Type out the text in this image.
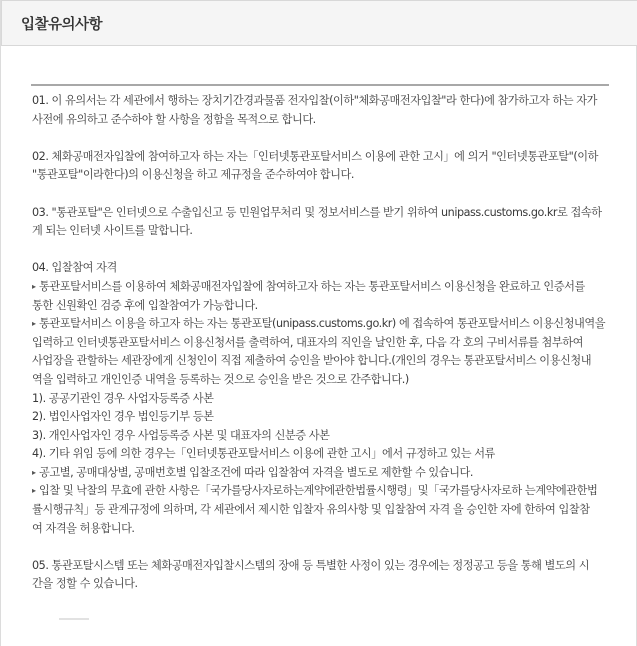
입찰유의사항
01. 이 유의서는 각 세관에서 행하는 장치기간경과물품 전자입찰(이하"체화공매전자입찰"라 한다)에 참가하고자 하는 자가
사전에 유의하고 준수하야 할 사항을 정함을 목적으로 합니다.
02. 체화공매전자입찰에 참여하고자 하는 자는「인터넷통관포탈서비스 이용에 관한 고시」에 의거 "인터넷통관포탈"(이하
"통관포탈"이라한다)의 이용신청을 하고 제규정을 준수하여야 합니다.
03. "통관포탈"은 인터넷으로 수출입신고 등 민원업무처리 및 정보서비스를 받기 위하여 unipass.customs.go.kr로 접속하
게 되는 인터넷 사이트를 말합니다.
04. 입찰참여 자격
▸ 통관포탈서비스를 이용하여 체화공매전자입찰에 참여하고자 하는 자는 통관포탈서비스 이용신청을 완료하고 인증서를
통한 신원확인 검증 후에 입찰참여가 가능합니다.
▸ 통관포탈서비스 이용을 하고자 하는 자는 통관포탈(unipass.customs.go.kr) 에 접속하여 통관포탈서비스 이용신청내역을
입력하고 인터넷통관포탈서비스 이용신청서를 출력하여, 대표자의 직인을 날인한 후, 다음 각 호의 구비서류를 첨부하여
사업장을 관할하는 세관장에게 신청인이 직접 제출하여 승인을 받아야 합니다.(개인의 경우는 통관포탈서비스 이용신청내
역을 입력하고 개인인증 내역을 등록하는 것으로 승인을 받은 것으로 간주합니다.)
1). 공공기관인 경우 사업자등록증 사본
2). 법인사업자인 경우 법인등기부 등본
3). 개인사업자인 경우 사업등록증 사본 및 대표자의 신분증 사본
4). 기타 위임 등에 의한 경우는「인터넷통관포탈서비스 이용에 관한 고시」에서 규정하고 있는 서류
▸ 공고별, 공매대상별, 공매번호별 입찰조건에 따라 입찰참여 자격을 별도로 제한할 수 있습니다.
▸ 입찰 및 낙찰의 무효에 관한 사항은「국가를당사자로하는계약에관한법률시행령」및「국가를당사자로하 는계약에관한법
률시행규칙」등 관계규정에 의하며, 각 세관에서 제시한 입찰자 유의사항 및 입찰참여 자격 을 승인한 자에 한하여 입찰참
여 자격을 허용합니다.
05. 통관포탈시스템 또는 체화공매전자입찰시스템의 장애 등 특별한 사정이 있는 경우에는 정정공고 등을 통해 별도의 시
간을 정할 수 있습니다.
